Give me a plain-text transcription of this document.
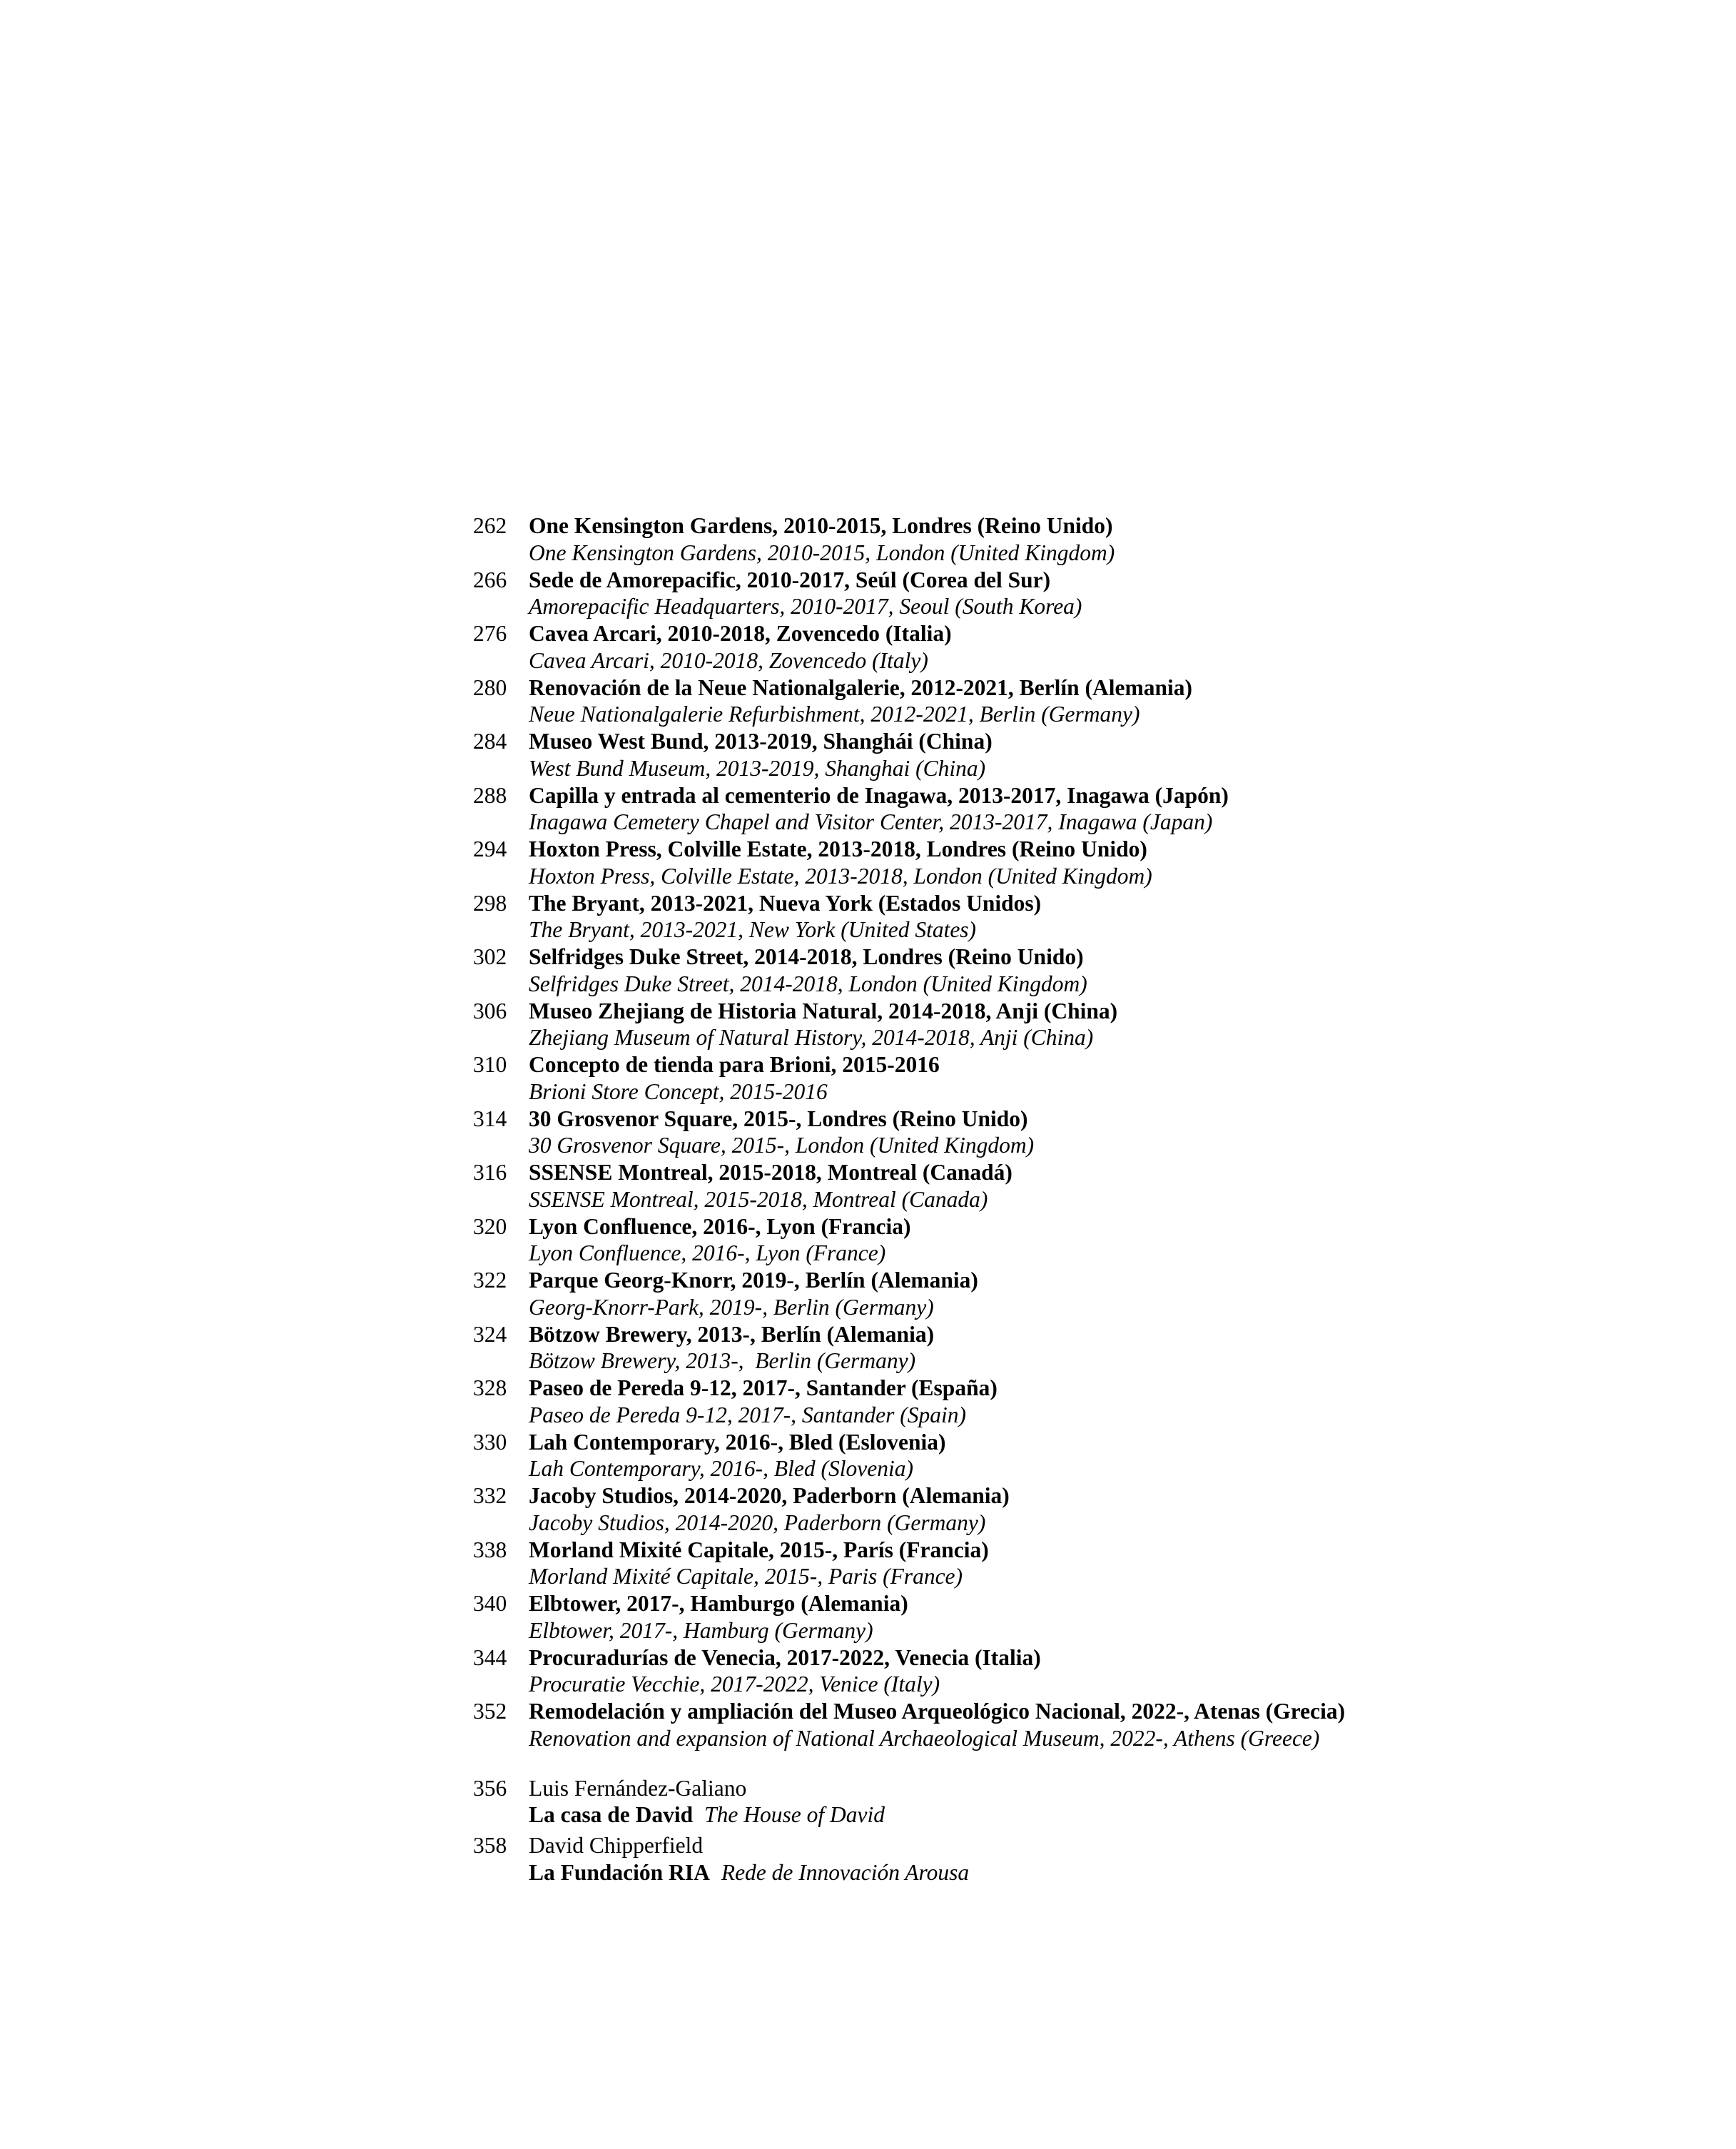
262 One Kensington Gardens, 2010-2015, Londres (Reino Unido)
One Kensington Gardens, 2010-2015, London (United Kingdom)
266 Sede de Amorepacific, 2010-2017, Seúl (Corea del Sur)
Amorepacific Headquarters, 2010-2017, Seoul (South Korea)
276 Cavea Arcari, 2010-2018, Zovencedo (Italia)
Cavea Arcari, 2010-2018, Zovencedo (Italy)
280 Renovación de la Neue Nationalgalerie, 2012-2021, Berlín (Alemania)
Neue Nationalgalerie Refurbishment, 2012-2021, Berlin (Germany)
284 Museo West Bund, 2013-2019, Shanghái (China)
West Bund Museum, 2013-2019, Shanghai (China)
288 Capilla y entrada al cementerio de Inagawa, 2013-2017, Inagawa (Japón)
Inagawa Cemetery Chapel and Visitor Center, 2013-2017, Inagawa (Japan)
294 Hoxton Press, Colville Estate, 2013-2018, Londres (Reino Unido)
Hoxton Press, Colville Estate, 2013-2018, London (United Kingdom)
298 The Bryant, 2013-2021, Nueva York (Estados Unidos)
The Bryant, 2013-2021, New York (United States)
302 Selfridges Duke Street, 2014-2018, Londres (Reino Unido)
Selfridges Duke Street, 2014-2018, London (United Kingdom)
306 Museo Zhejiang de Historia Natural, 2014-2018, Anji (China)
Zhejiang Museum of Natural History, 2014-2018, Anji (China)
310 Concepto de tienda para Brioni, 2015-2016
Brioni Store Concept, 2015-2016
314 30 Grosvenor Square, 2015-, Londres (Reino Unido)
30 Grosvenor Square, 2015-, London (United Kingdom)
316 SSENSE Montreal, 2015-2018, Montreal (Canadá)
SSENSE Montreal, 2015-2018, Montreal (Canada)
320 Lyon Confluence, 2016-, Lyon (Francia)
Lyon Confluence, 2016-, Lyon (France)
322 Parque Georg-Knorr, 2019-, Berlín (Alemania)
Georg-Knorr-Park, 2019-, Berlin (Germany)
324 Bötzow Brewery, 2013-, Berlín (Alemania)
Bötzow Brewery, 2013-,  Berlin (Germany)
328 Paseo de Pereda 9-12, 2017-, Santander (España)
Paseo de Pereda 9-12, 2017-, Santander (Spain)
330 Lah Contemporary, 2016-, Bled (Eslovenia)
Lah Contemporary, 2016-, Bled (Slovenia)
332 Jacoby Studios, 2014-2020, Paderborn (Alemania)
Jacoby Studios, 2014-2020, Paderborn (Germany)
338 Morland Mixité Capitale, 2015-, París (Francia)
Morland Mixité Capitale, 2015-, Paris (France)
340 Elbtower, 2017-, Hamburgo (Alemania)
Elbtower, 2017-, Hamburg (Germany)
344 Procuradurías de Venecia, 2017-2022, Venecia (Italia)
Procuratie Vecchie, 2017-2022, Venice (Italy)
352 Remodelación y ampliación del Museo Arqueológico Nacional, 2022-, Atenas (Grecia)
Renovation and expansion of National Archaeological Museum, 2022-, Athens (Greece)
356 Luis Fernández-Galiano
La casa de David The House of David
358 David Chipperfield
La Fundación RIA Rede de Innovación Arousa
